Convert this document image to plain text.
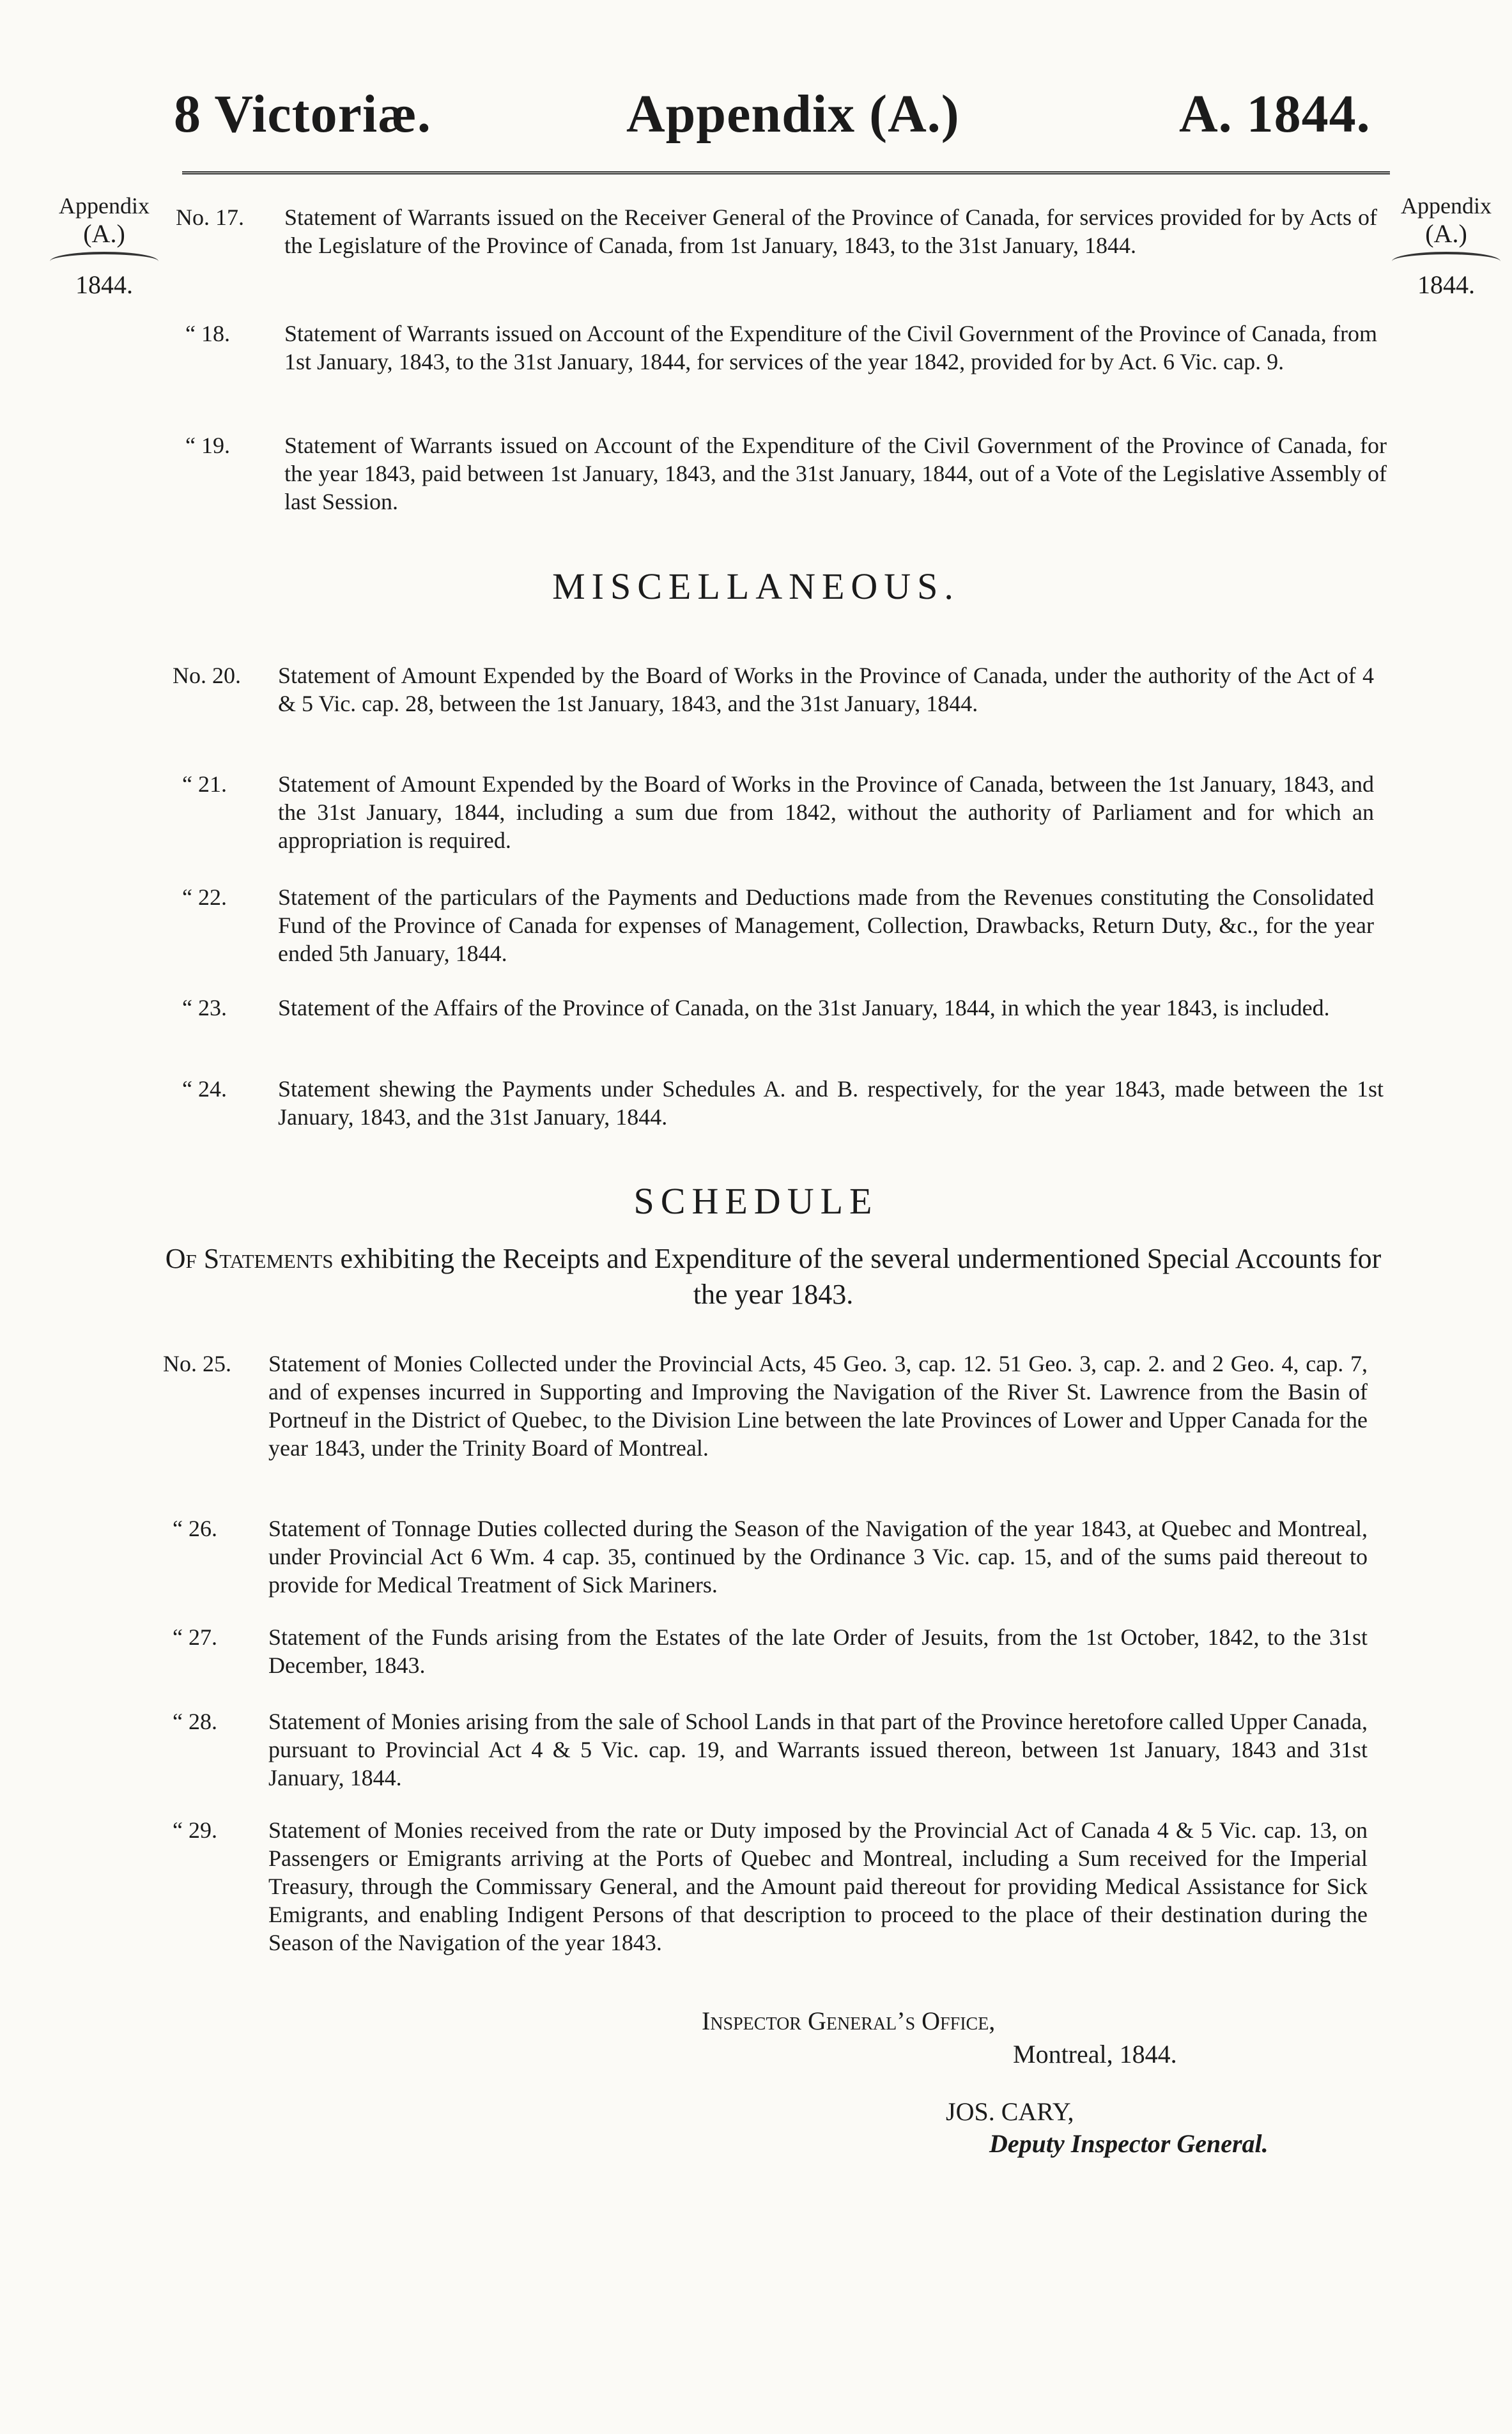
8 Victoriæ.	Appendix (A.)	A. 1844.
Appendix
(A.)
1844.
Appendix
(A.)
1844.
No. 17. Statement of Warrants issued on the Receiver General of the Province of Canada, for services provided for by Acts of the Legislature of the Province of Canada, from 1st January, 1843, to the 31st January, 1844.
“ 18. Statement of Warrants issued on Account of the Expenditure of the Civil Government of the Province of Canada, from 1st January, 1843, to the 31st January, 1844, for services of the year 1842, provided for by Act. 6 Vic. cap. 9.
“ 19. Statement of Warrants issued on Account of the Expenditure of the Civil Government of the Province of Canada, for the year 1843, paid between 1st January, 1843, and the 31st January, 1844, out of a Vote of the Legislative Assembly of last Session.
MISCELLANEOUS.
No. 20. Statement of Amount Expended by the Board of Works in the Province of Canada, under the authority of the Act of 4 & 5 Vic. cap. 28, between the 1st January, 1843, and the 31st January, 1844.
“ 21. Statement of Amount Expended by the Board of Works in the Province of Canada, between the 1st January, 1843, and the 31st January, 1844, including a sum due from 1842, without the authority of Parliament and for which an appropriation is required.
“ 22. Statement of the particulars of the Payments and Deductions made from the Revenues constituting the Consolidated Fund of the Province of Canada for expenses of Management, Collection, Drawbacks, Return Duty, &c., for the year ended 5th January, 1844.
“ 23. Statement of the Affairs of the Province of Canada, on the 31st January, 1844, in which the year 1843, is included.
“ 24. Statement shewing the Payments under Schedules A. and B. respectively, for the year 1843, made between the 1st January, 1843, and the 31st January, 1844.
SCHEDULE
Of Statements exhibiting the Receipts and Expenditure of the several undermentioned Special Accounts for the year 1843.
No. 25. Statement of Monies Collected under the Provincial Acts, 45 Geo. 3, cap. 12. 51 Geo. 3, cap. 2. and 2 Geo. 4, cap. 7, and of expenses incurred in Supporting and Improving the Navigation of the River St. Lawrence from the Basin of Portneuf in the District of Quebec, to the Division Line between the late Provinces of Lower and Upper Canada for the year 1843, under the Trinity Board of Montreal.
“ 26. Statement of Tonnage Duties collected during the Season of the Navigation of the year 1843, at Quebec and Montreal, under Provincial Act 6 Wm. 4 cap. 35, continued by the Ordinance 3 Vic. cap. 15, and of the sums paid thereout to provide for Medical Treatment of Sick Mariners.
“ 27. Statement of the Funds arising from the Estates of the late Order of Jesuits, from the 1st October, 1842, to the 31st December, 1843.
“ 28. Statement of Monies arising from the sale of School Lands in that part of the Province heretofore called Upper Canada, pursuant to Provincial Act 4 & 5 Vic. cap. 19, and Warrants issued thereon, between 1st January, 1843 and 31st January, 1844.
“ 29. Statement of Monies received from the rate or Duty imposed by the Provincial Act of Canada 4 & 5 Vic. cap. 13, on Passengers or Emigrants arriving at the Ports of Quebec and Montreal, including a Sum received for the Imperial Treasury, through the Commissary General, and the Amount paid thereout for providing Medical Assistance for Sick Emigrants, and enabling Indigent Persons of that description to proceed to the place of their destination during the Season of the Navigation of the year 1843.
Inspector General’s Office,
Montreal, 1844.
JOS. CARY,
Deputy Inspector General.
